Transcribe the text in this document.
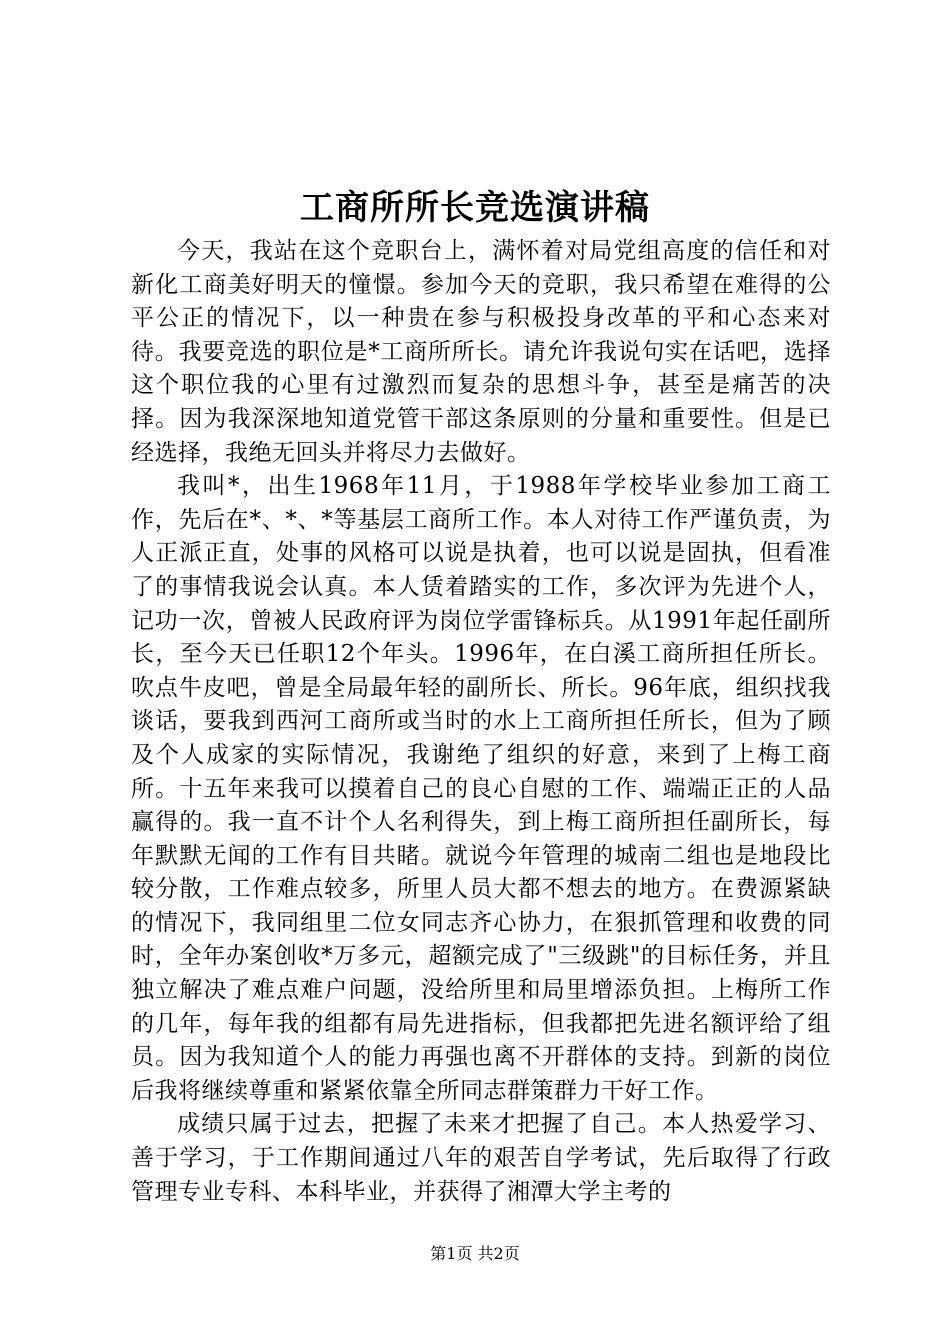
工商所所长竞选演讲稿

今天，我站在这个竞职台上，满怀着对局党组高度的信任和对新化工商美好明天的憧憬。参加今天的竞职，我只希望在难得的公平公正的情况下，以一种贵在参与积极投身改革的平和心态来对待。我要竞选的职位是*工商所所长。请允许我说句实在话吧，选择这个职位我的心里有过激烈而复杂的思想斗争，甚至是痛苦的决择。因为我深深地知道党管干部这条原则的分量和重要性。但是已经选择，我绝无回头并将尽力去做好。

我叫*，出生1968年11月，于1988年学校毕业参加工商工作，先后在*、*、*等基层工商所工作。本人对待工作严谨负责，为人正派正直，处事的风格可以说是执着，也可以说是固执，但看准了的事情我说会认真。本人赁着踏实的工作，多次评为先进个人，记功一次，曾被人民政府评为岗位学雷锋标兵。从1991年起任副所长，至今天已任职12个年头。1996年，在白溪工商所担任所长。吹点牛皮吧，曾是全局最年轻的副所长、所长。96年底，组织找我谈话，要我到西河工商所或当时的水上工商所担任所长，但为了顾及个人成家的实际情况，我谢绝了组织的好意，来到了上梅工商所。十五年来我可以摸着自己的良心自慰的工作、端端正正的人品赢得的。我一直不计个人名利得失，到上梅工商所担任副所长，每年默默无闻的工作有目共睹。就说今年管理的城南二组也是地段比较分散，工作难点较多，所里人员大都不想去的地方。在费源紧缺的情况下，我同组里二位女同志齐心协力，在狠抓管理和收费的同时，全年办案创收*万多元，超额完成了"三级跳"的目标任务，并且独立解决了难点难户问题，没给所里和局里增添负担。上梅所工作的几年，每年我的组都有局先进指标，但我都把先进名额评给了组员。因为我知道个人的能力再强也离不开群体的支持。到新的岗位后我将继续尊重和紧紧依靠全所同志群策群力干好工作。

成绩只属于过去，把握了未来才把握了自己。本人热爱学习、善于学习，于工作期间通过八年的艰苦自学考试，先后取得了行政管理专业专科、本科毕业，并获得了湘潭大学主考的

第1页 共2页
